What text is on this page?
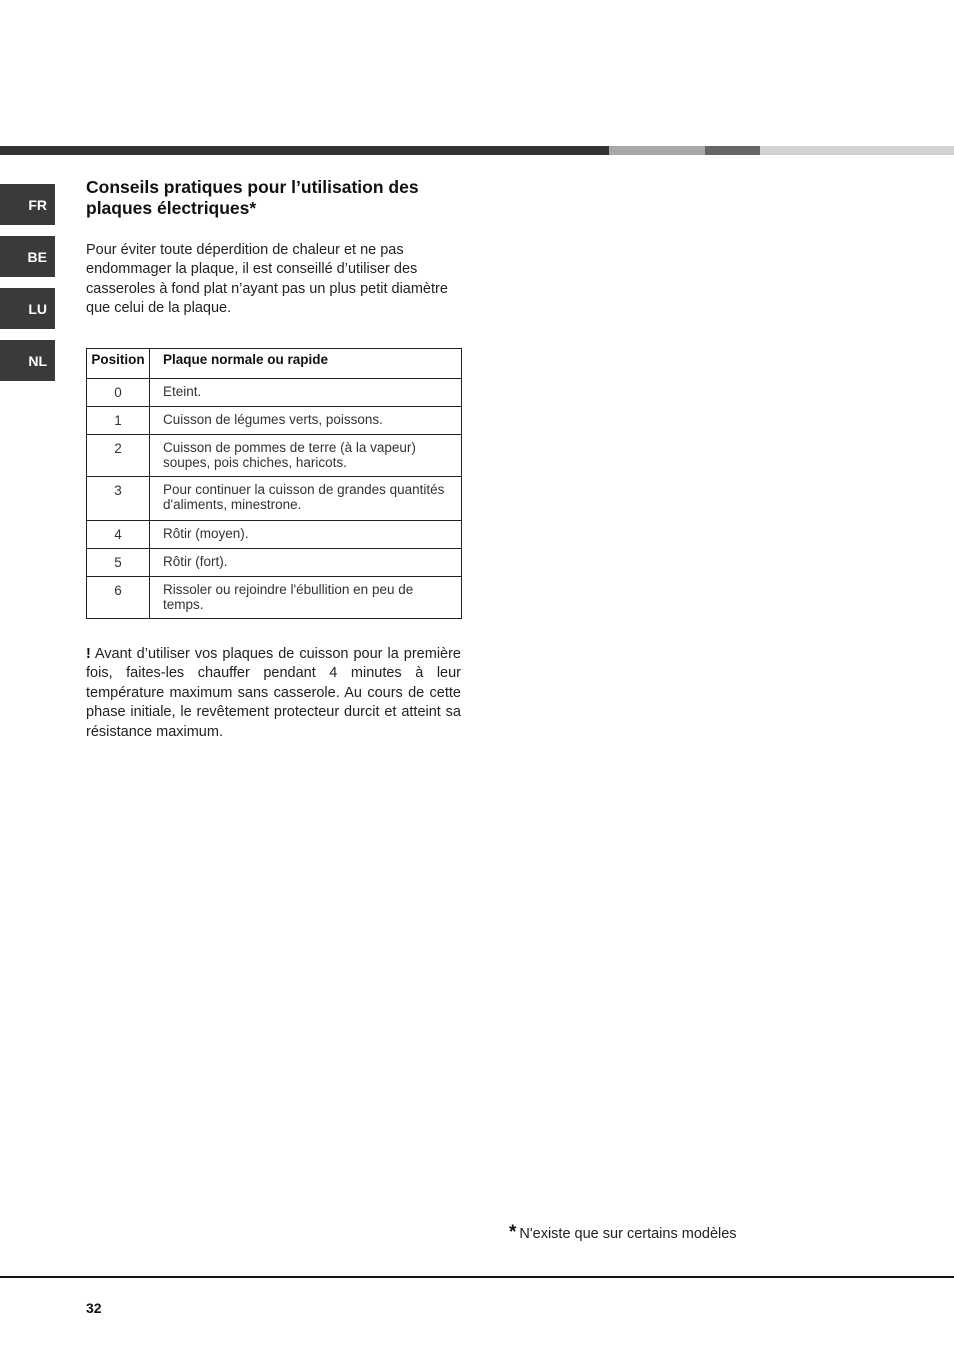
FR
BE
LU
NL
Conseils pratiques pour l’utilisation des plaques électriques*

Pour éviter toute déperdition de chaleur et ne pas endommager la plaque, il est conseillé d’utiliser des casseroles à fond plat n’ayant pas un plus petit diamètre que celui de la plaque.

Position	Plaque normale ou rapide
0	Eteint.
1	Cuisson de légumes verts, poissons.
2	Cuisson de pommes de terre (à la vapeur) soupes, pois chiches, haricots.
3	Pour continuer la cuisson de grandes quantités d'aliments, minestrone.
4	Rôtir (moyen).
5	Rôtir (fort).
6	Rissoler ou rejoindre l'ébullition en peu de temps.

! Avant d’utiliser vos plaques de cuisson pour la première fois, faites-les chauffer pendant 4 minutes à leur température maximum sans casserole. Au cours de cette phase initiale, le revêtement protecteur durcit et atteint sa résistance maximum.

* N'existe que sur certains modèles
32
